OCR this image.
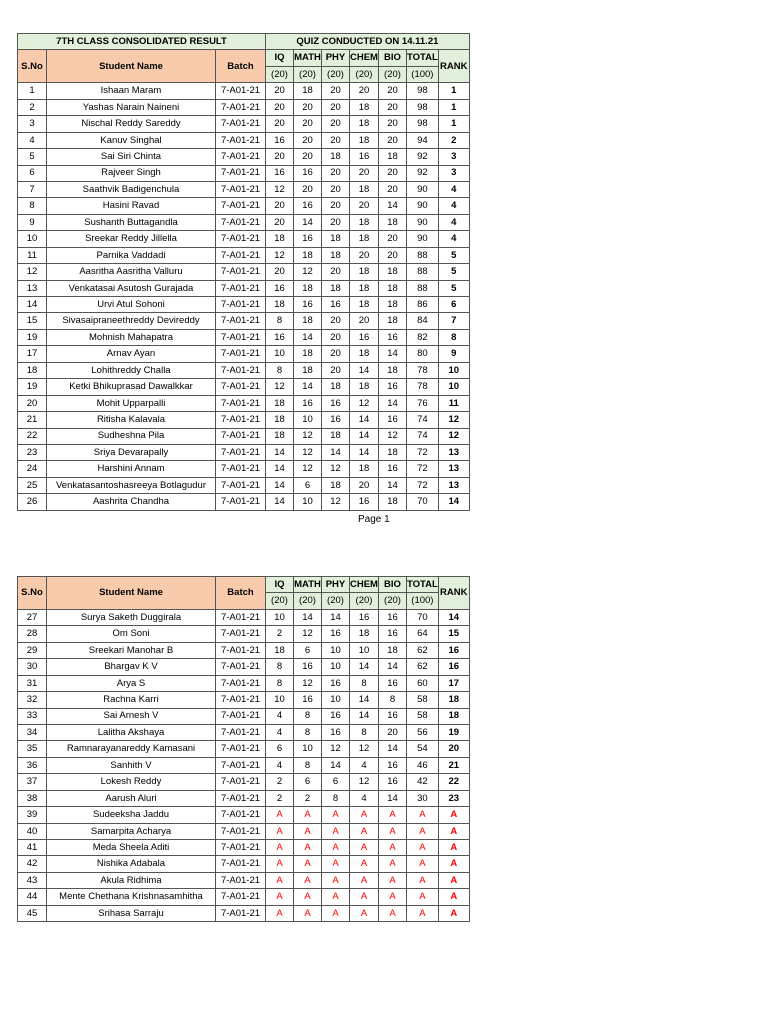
7TH CLASS CONSOLIDATED RESULT			QUIZ CONDUCTED ON 14.11.21						
S.No	Student Name	Batch	IQ	MATH	PHY	CHEM	BIO	TOTAL	RANK
			(20)	(20)	(20)	(20)	(20)	(100)	
1	Ishaan Maram	7-A01-21	20	18	20	20	20	98	1
2	Yashas Narain Naineni	7-A01-21	20	20	20	18	20	98	1
3	Nischal Reddy Sareddy	7-A01-21	20	20	20	18	20	98	1
4	Kanuv Singhal	7-A01-21	16	20	20	18	20	94	2
5	Sai Siri Chinta	7-A01-21	20	20	18	16	18	92	3
6	Rajveer Singh	7-A01-21	16	16	20	20	20	92	3
7	Saathvik Badigenchula	7-A01-21	12	20	20	18	20	90	4
8	Hasini Ravad	7-A01-21	20	16	20	20	14	90	4
9	Sushanth Buttagandla	7-A01-21	20	14	20	18	18	90	4
10	Sreekar Reddy Jillella	7-A01-21	18	16	18	18	20	90	4
11	Parnika Vaddadi	7-A01-21	12	18	18	20	20	88	5
12	Aasritha Aasritha Valluru	7-A01-21	20	12	20	18	18	88	5
13	Venkatasai Asutosh Gurajada	7-A01-21	16	18	18	18	18	88	5
14	Urvi Atul Sohoni	7-A01-21	18	16	16	18	18	86	6
15	Sivasaipraneethreddy Devireddy	7-A01-21	8	18	20	20	18	84	7
19	Mohnish Mahapatra	7-A01-21	16	14	20	16	16	82	8
17	Arnav Ayan	7-A01-21	10	18	20	18	14	80	9
18	Lohithreddy Challa	7-A01-21	8	18	20	14	18	78	10
19	Ketki Bhikuprasad Dawalkkar	7-A01-21	12	14	18	18	16	78	10
20	Mohit Upparpalli	7-A01-21	18	16	16	12	14	76	11
21	Ritisha Kalavala	7-A01-21	18	10	16	14	16	74	12
22	Sudheshna Pila	7-A01-21	18	12	18	14	12	74	12
23	Sriya Devarapally	7-A01-21	14	12	14	14	18	72	13
24	Harshini Annam	7-A01-21	14	12	12	18	16	72	13
25	Venkatasantoshasreeya Botlagudur	7-A01-21	14	6	18	20	14	72	13
26	Aashrita Chandha	7-A01-21	14	10	12	16	18	70	14
Page 1
S.No	Student Name	Batch	IQ	MATH	PHY	CHEM	BIO	TOTAL	RANK
			(20)	(20)	(20)	(20)	(20)	(100)	
27	Surya Saketh Duggirala	7-A01-21	10	14	14	16	16	70	14
28	Om Soni	7-A01-21	2	12	16	18	16	64	15
29	Sreekari Manohar B	7-A01-21	18	6	10	10	18	62	16
30	Bhargav K V	7-A01-21	8	16	10	14	14	62	16
31	Arya S	7-A01-21	8	12	16	8	16	60	17
32	Rachna Karri	7-A01-21	10	16	10	14	8	58	18
33	Sai Arnesh V	7-A01-21	4	8	16	14	16	58	18
34	Lalitha Akshaya	7-A01-21	4	8	16	8	20	56	19
35	Ramnarayanareddy Kamasani	7-A01-21	6	10	12	12	14	54	20
36	Sanhith V	7-A01-21	4	8	14	4	16	46	21
37	Lokesh Reddy	7-A01-21	2	6	6	12	16	42	22
38	Aarush Aluri	7-A01-21	2	2	8	4	14	30	23
39	Sudeeksha Jaddu	7-A01-21	A	A	A	A	A	A	A
40	Samarpita Acharya	7-A01-21	A	A	A	A	A	A	A
41	Meda Sheela Aditi	7-A01-21	A	A	A	A	A	A	A
42	Nishika Adabala	7-A01-21	A	A	A	A	A	A	A
43	Akula Ridhima	7-A01-21	A	A	A	A	A	A	A
44	Mente Chethana Krishnasamhitha	7-A01-21	A	A	A	A	A	A	A
45	Srihasa Sarraju	7-A01-21	A	A	A	A	A	A	A
